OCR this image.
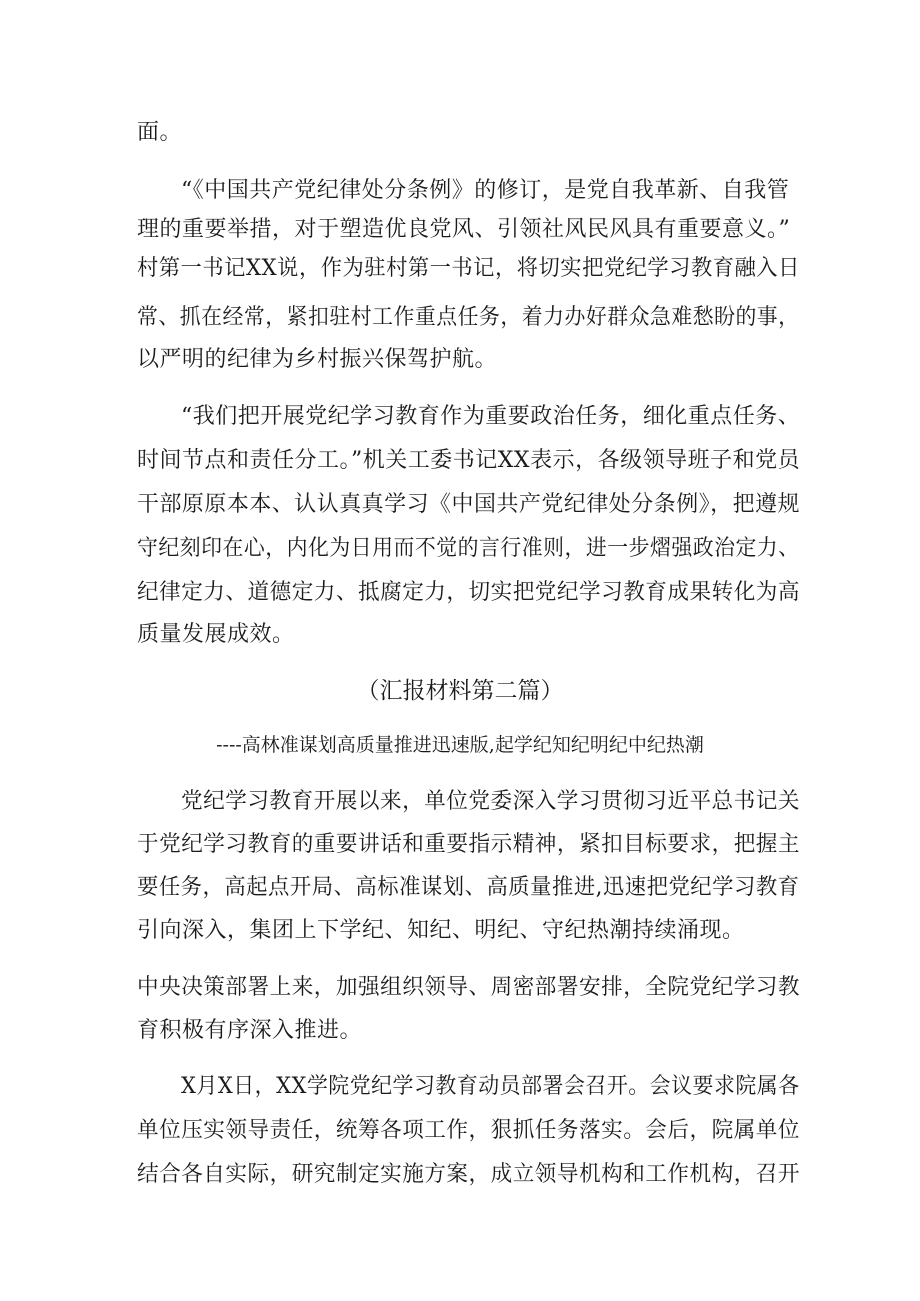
面。
“《中国共产党纪律处分条例》的修订，是党自我革新、自我管
理的重要举措，对于塑造优良党风、引领社风民风具有重要意义。”
村第一书记XX说，作为驻村第一书记，将切实把党纪学习教育融入日
常、抓在经常，紧扣驻村工作重点任务，着力办好群众急难愁盼的事，
以严明的纪律为乡村振兴保驾护航。
“我们把开展党纪学习教育作为重要政治任务，细化重点任务、
时间节点和责任分工。”机关工委书记XX表示，各级领导班子和党员
干部原原本本、认认真真学习《中国共产党纪律处分条例》，把遵规
守纪刻印在心，内化为日用而不觉的言行准则，进一步熠强政治定力、
纪律定力、道德定力、抵腐定力，切实把党纪学习教育成果转化为高
质量发展成效。
（汇报材料第二篇）
----高林准谋划高质量推进迅速版,起学纪知纪明纪中纪热潮
党纪学习教育开展以来，单位党委深入学习贯彻习近平总书记关
于党纪学习教育的重要讲话和重要指示精神，紧扣目标要求，把握主
要任务，高起点开局、高标准谋划、高质量推进,迅速把党纪学习教育
引向深入，集团上下学纪、知纪、明纪、守纪热潮持续涌现。
中央决策部署上来，加强组织领导、周密部署安排，全院党纪学习教
育积极有序深入推进。
X月X日，XX学院党纪学习教育动员部署会召开。会议要求院属各
单位压实领导责任，统筹各项工作，狠抓任务落实。会后，院属单位
结合各自实际，研究制定实施方案，成立领导机构和工作机构，召开
